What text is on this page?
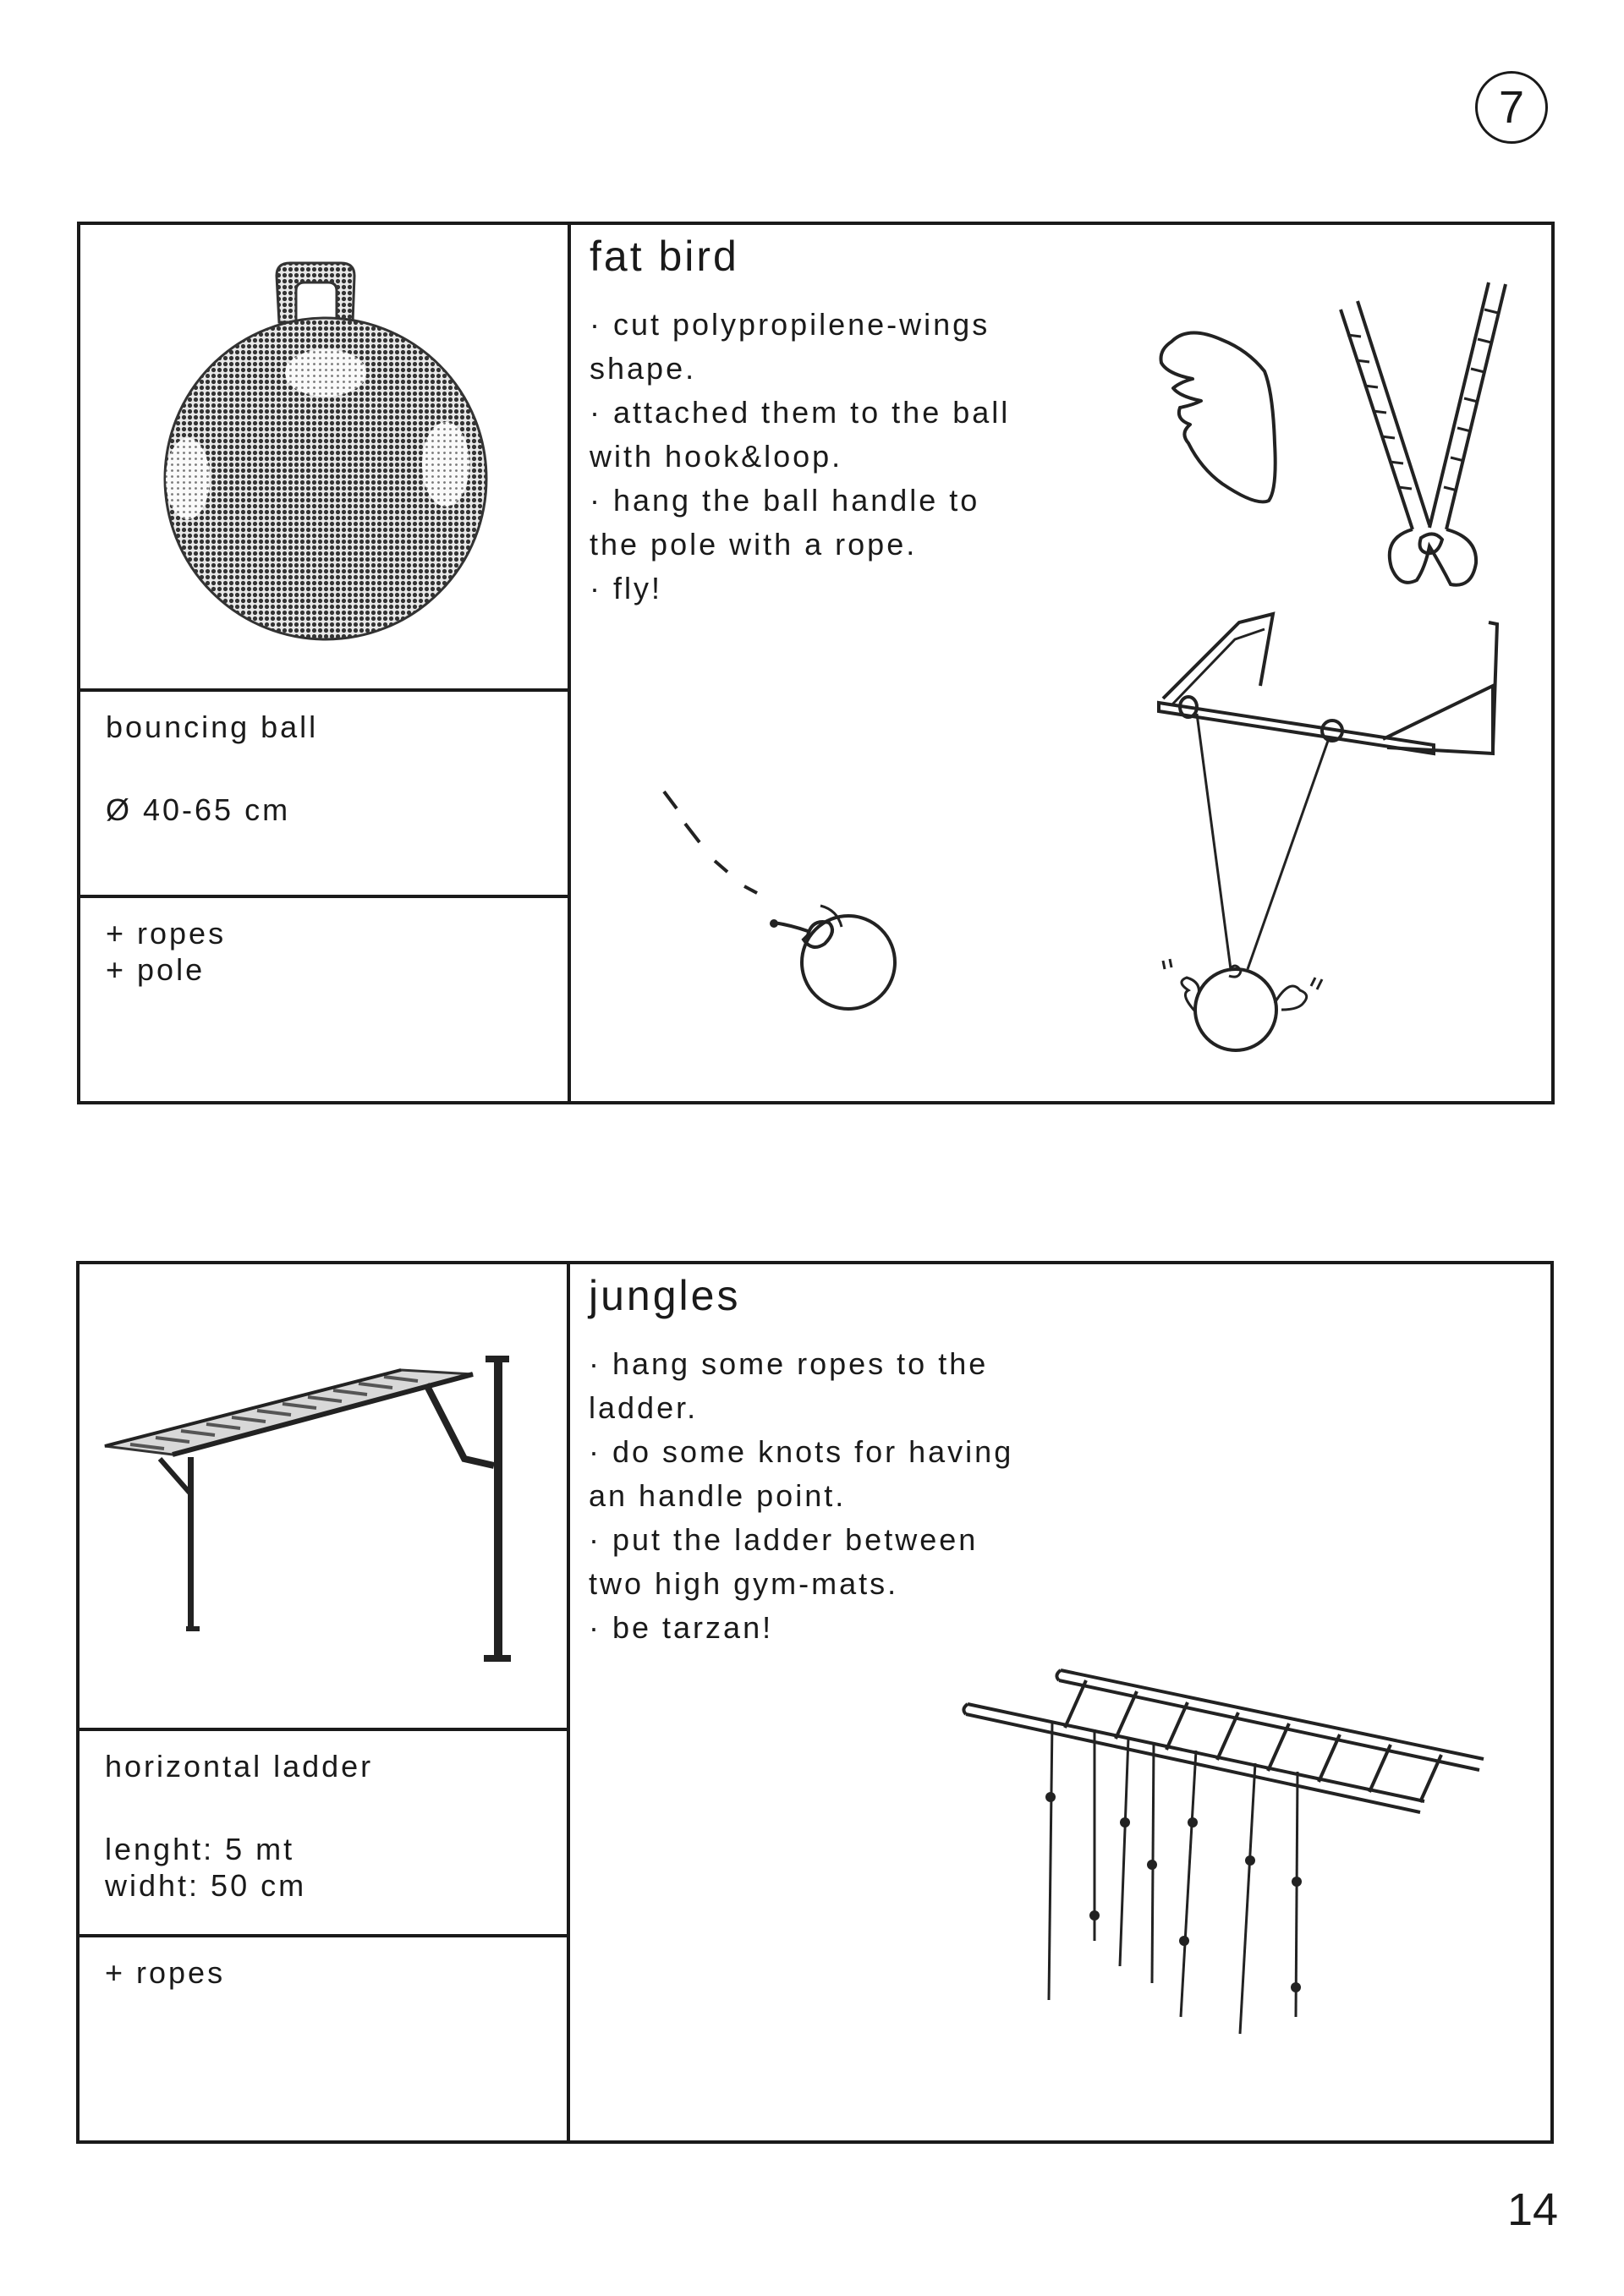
7
bouncing ball
Ø 40-65 cm
+ ropes
+ pole
fat bird
· cut polypropilene-wings
shape.
· attached them to the ball
with hook&loop.
· hang the ball handle to
the pole with a rope.
· fly!
horizontal ladder
lenght: 5 mt
widht: 50 cm
+ ropes
jungles
· hang some ropes to the
ladder.
· do some knots for having
an handle point.
· put the ladder between
two high gym-mats.
· be tarzan!
14
